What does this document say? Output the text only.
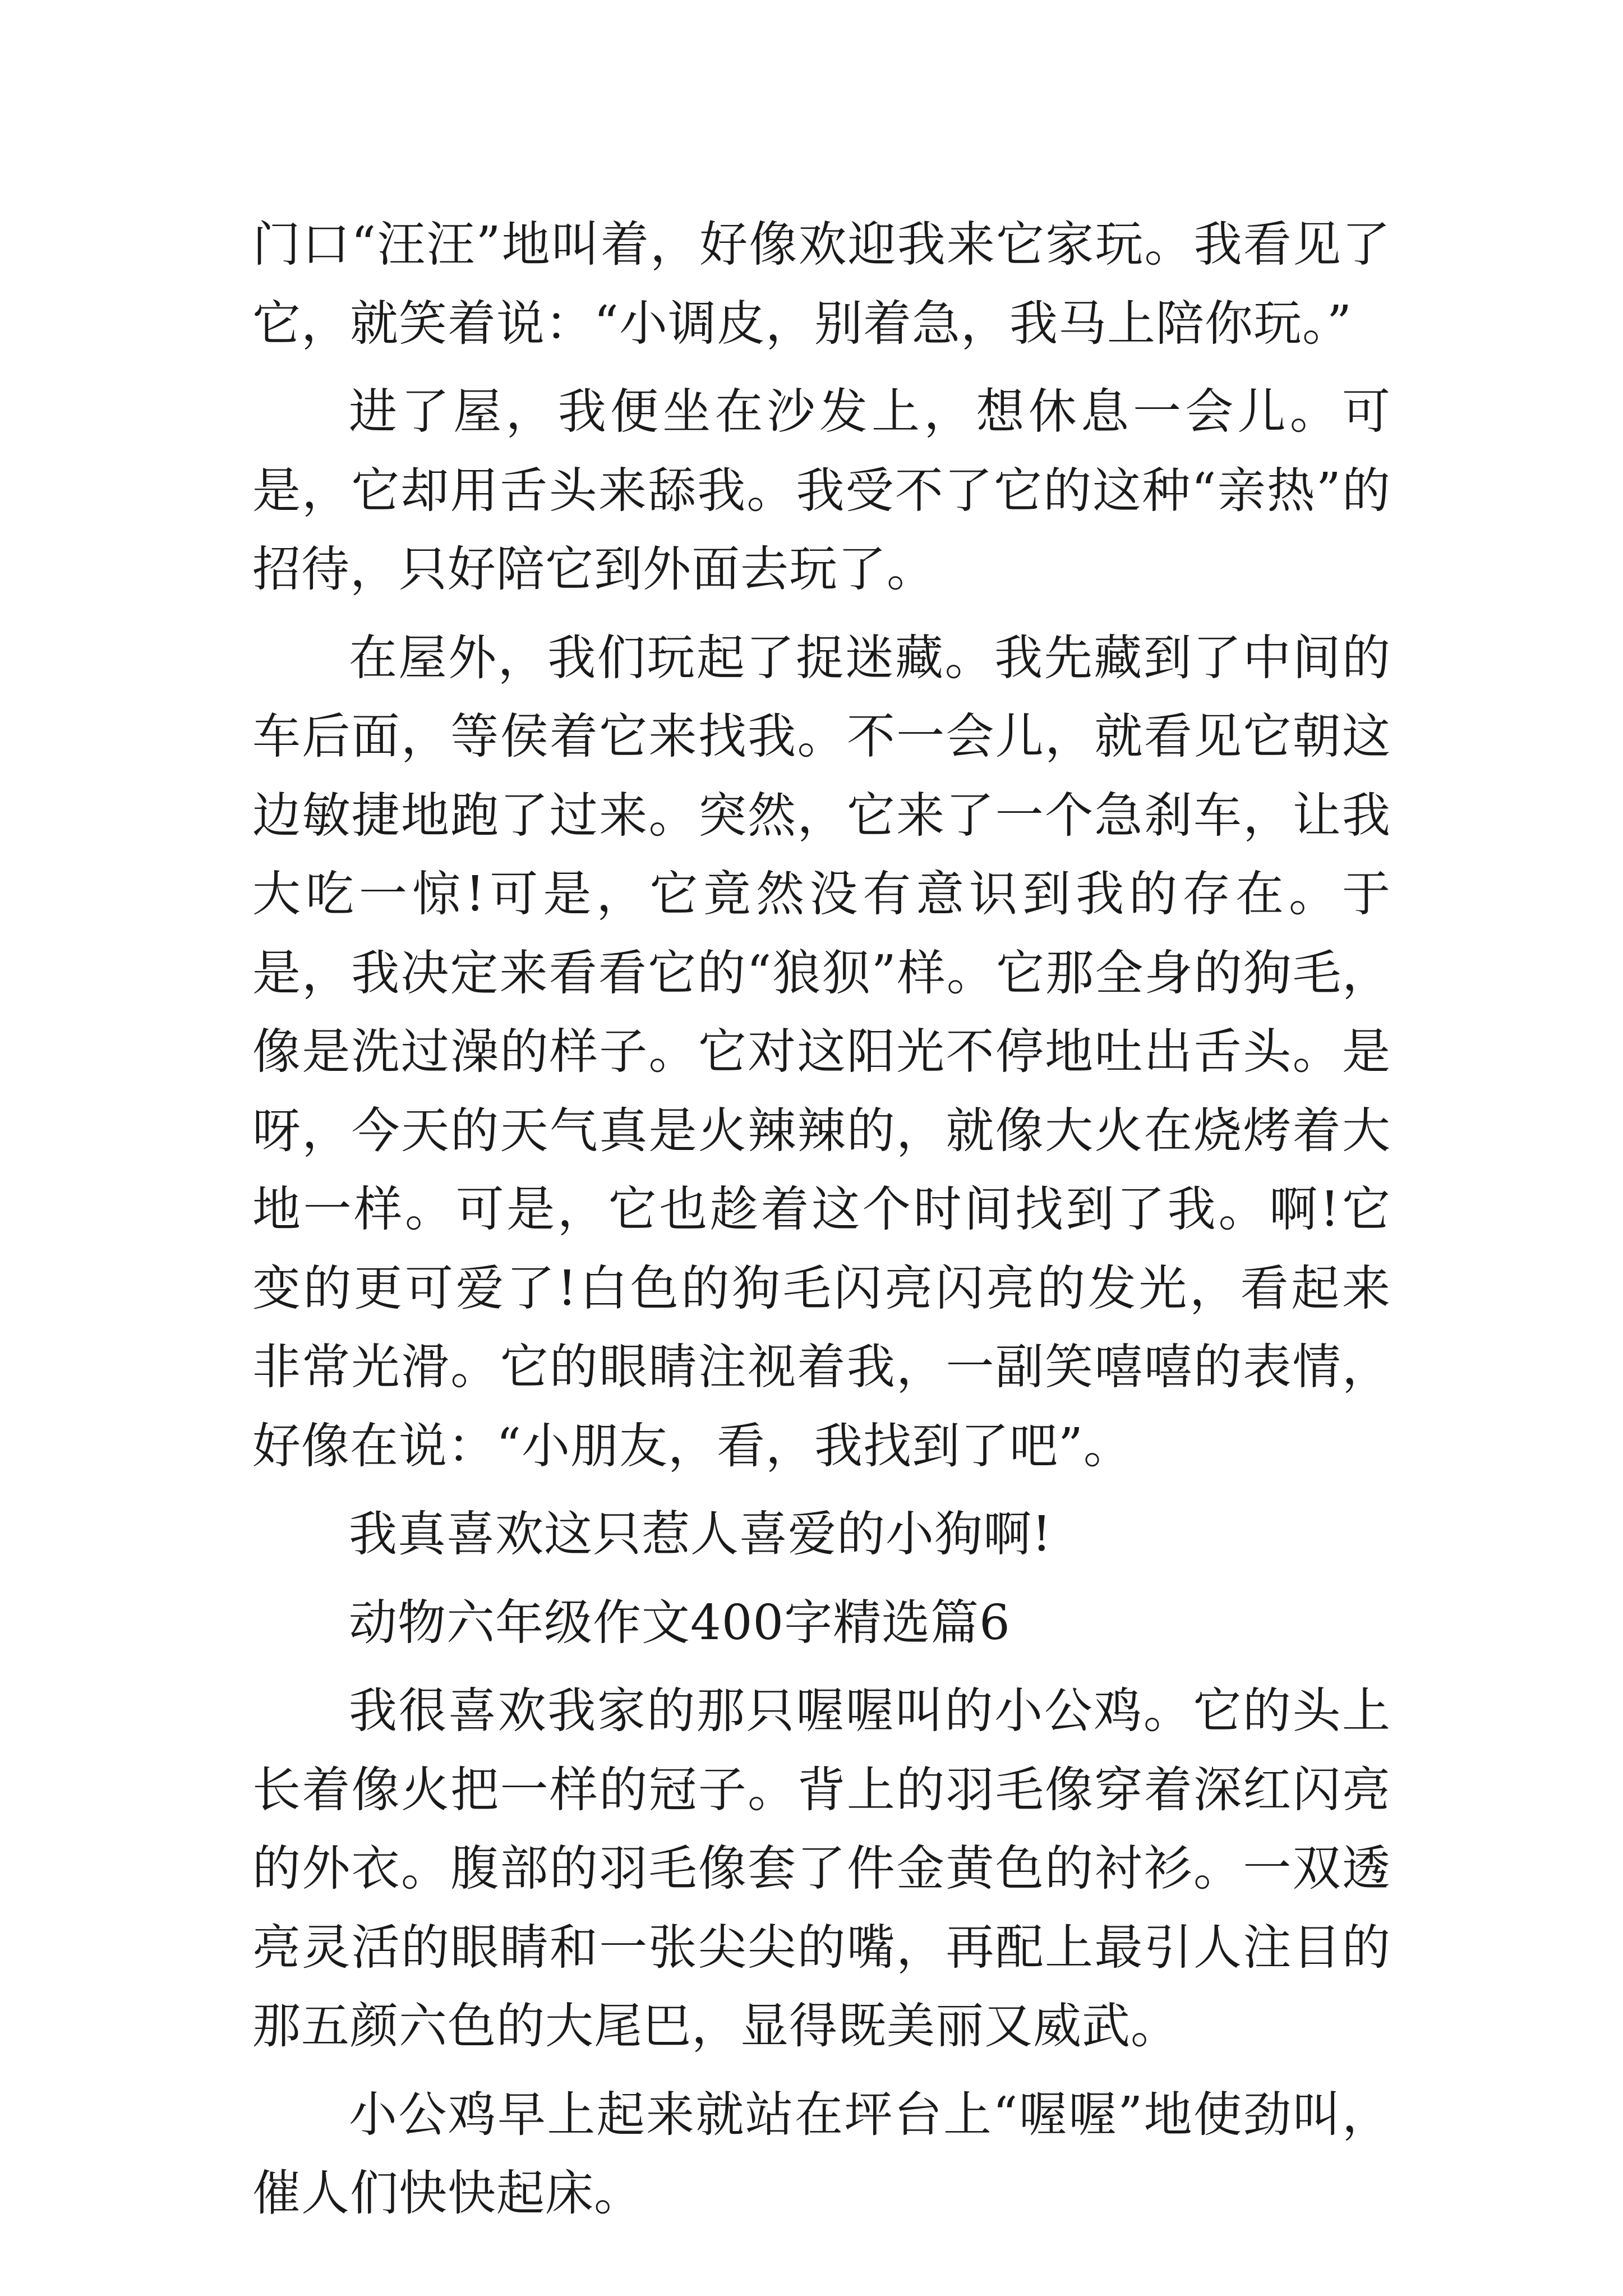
门口“汪汪”地叫着，好像欢迎我来它家玩。我看见了它，就笑着说：“小调皮，别着急，我马上陪你玩。”

进了屋，我便坐在沙发上，想休息一会儿。可是，它却用舌头来舔我。我受不了它的这种“亲热”的招待，只好陪它到外面去玩了。

在屋外，我们玩起了捉迷藏。我先藏到了中间的车后面，等侯着它来找我。不一会儿，就看见它朝这边敏捷地跑了过来。突然，它来了一个急刹车，让我大吃一惊!可是，它竟然没有意识到我的存在。于是，我决定来看看它的“狼狈”样。它那全身的狗毛，像是洗过澡的样子。它对这阳光不停地吐出舌头。是呀，今天的天气真是火辣辣的，就像大火在烧烤着大地一样。可是，它也趁着这个时间找到了我。啊!它变的更可爱了!白色的狗毛闪亮闪亮的发光，看起来非常光滑。它的眼睛注视着我，一副笑嘻嘻的表情，好像在说：“小朋友，看，我找到了吧”。

我真喜欢这只惹人喜爱的小狗啊!

动物六年级作文400字精选篇6

我很喜欢我家的那只喔喔叫的小公鸡。它的头上长着像火把一样的冠子。背上的羽毛像穿着深红闪亮的外衣。腹部的羽毛像套了件金黄色的衬衫。一双透亮灵活的眼睛和一张尖尖的嘴，再配上最引人注目的那五颜六色的大尾巴，显得既美丽又威武。

小公鸡早上起来就站在坪台上“喔喔”地使劲叫，催人们快快起床。
